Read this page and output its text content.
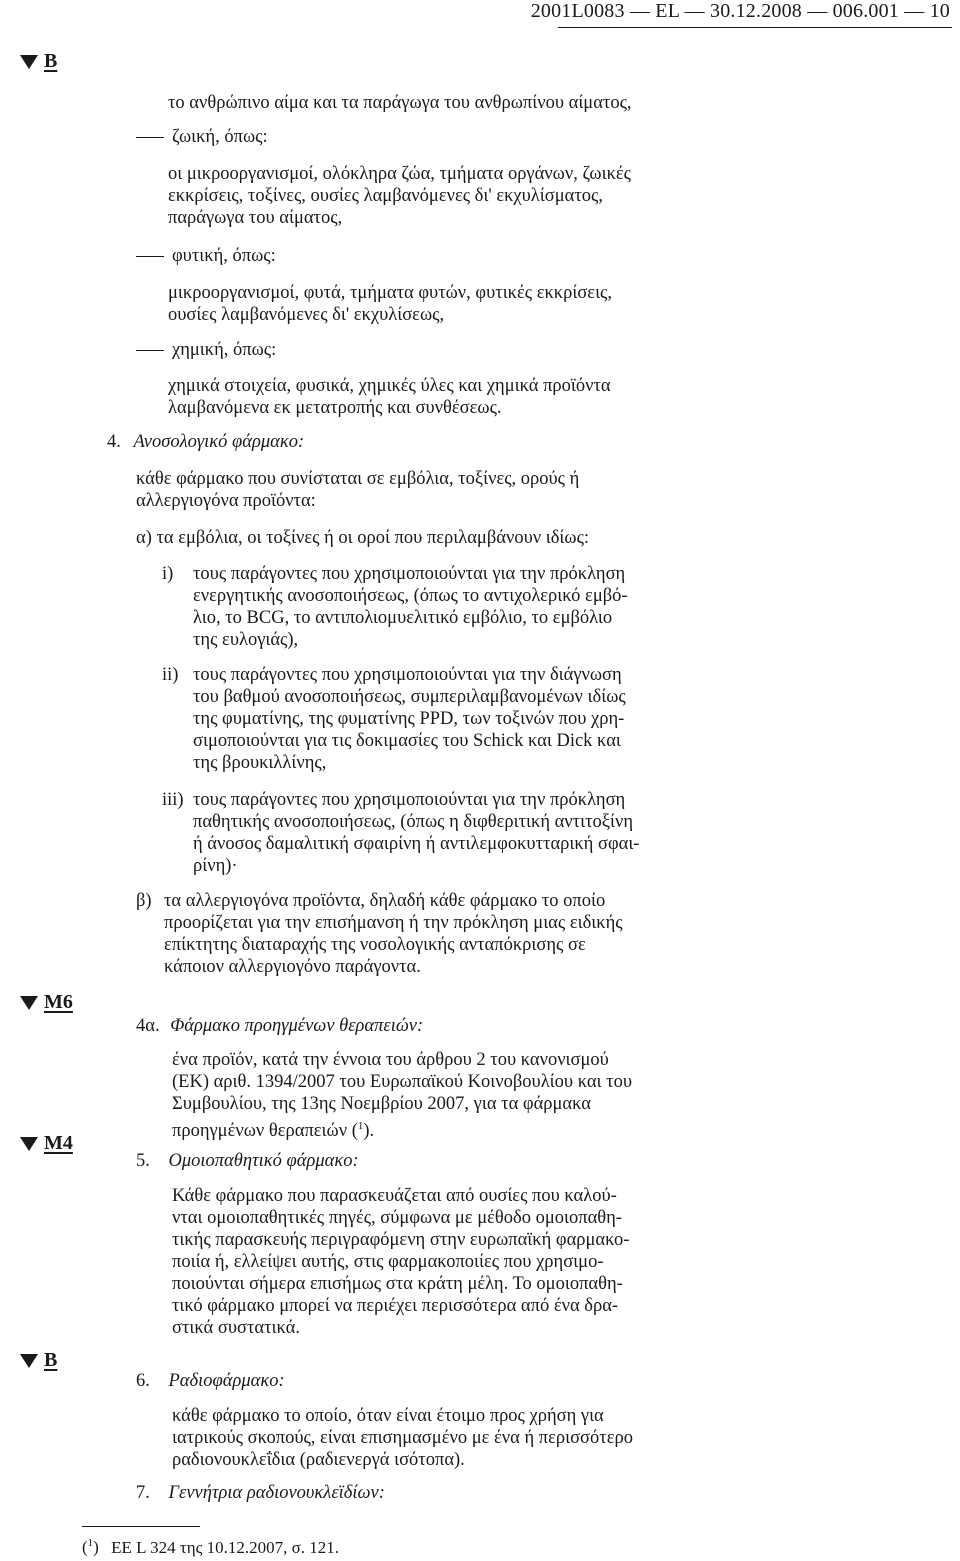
2001L0083 — EL — 30.12.2008 — 006.001 — 10
B
M6
M4
B
το ανθρώπινο αίμα και τα παράγωγα του ανθρωπίνου αίματος,
ζωική, όπως:
οι μικροοργανισμοί, ολόκληρα ζώα, τμήματα οργάνων, ζωικές
εκκρίσεις, τοξίνες, ουσίες λαμβανόμενες δι' εκχυλίσματος,
παράγωγα του αίματος,
φυτική, όπως:
μικροοργανισμοί, φυτά, τμήματα φυτών, φυτικές εκκρίσεις,
ουσίες λαμβανόμενες δι' εκχυλίσεως,
χημική, όπως:
χημικά στοιχεία, φυσικά, χημικές ύλες και χημικά προϊόντα
λαμβανόμενα εκ μετατροπής και συνθέσεως.
4. Ανοσολογικό φάρμακο:
κάθε φάρμακο που συνίσταται σε εμβόλια, τοξίνες, ορούς ή
αλλεργιογόνα προϊόντα:
α) τα εμβόλια, οι τοξίνες ή οι οροί που περιλαμβάνουν ιδίως:
i) τους παράγοντες που χρησιμοποιούνται για την πρόκληση
ενεργητικής ανοσοποιήσεως, (όπως το αντιχολερικό εμβό-
λιο, το BCG, το αντιπολιομυελιτικό εμβόλιο, το εμβόλιο
της ευλογιάς),
ii) τους παράγοντες που χρησιμοποιούνται για την διάγνωση
του βαθμού ανοσοποιήσεως, συμπεριλαμβανομένων ιδίως
της φυματίνης, της φυματίνης PPD, των τοξινών που χρη-
σιμοποιούνται για τις δοκιμασίες του Schick και Dick και
της βρουκιλλίνης,
iii) τους παράγοντες που χρησιμοποιούνται για την πρόκληση
παθητικής ανοσοποιήσεως, (όπως η διφθεριτική αντιτοξίνη
ή άνοσος δαμαλιτική σφαιρίνη ή αντιλεμφοκυτταρική σφαι-
ρίνη)·
β) τα αλλεργιογόνα προϊόντα, δηλαδή κάθε φάρμακο το οποίο
προορίζεται για την επισήμανση ή την πρόκληση μιας ειδικής
επίκτητης διαταραχής της νοσολογικής ανταπόκρισης σε
κάποιον αλλεργιογόνο παράγοντα.
4α. Φάρμακο προηγμένων θεραπειών:
ένα προϊόν, κατά την έννοια του άρθρου 2 του κανονισμού
(ΕΚ) αριθ. 1394/2007 του Ευρωπαϊκού Κοινοβουλίου και του
Συμβουλίου, της 13ης Νοεμβρίου 2007, για τα φάρμακα
προηγμένων θεραπειών ($^1$).
5. Ομοιοπαθητικό φάρμακο:
Κάθε φάρμακο που παρασκευάζεται από ουσίες που καλού-
νται ομοιοπαθητικές πηγές, σύμφωνα με μέθοδο ομοιοπαθη-
τικής παρασκευής περιγραφόμενη στην ευρωπαϊκή φαρμακο-
ποιία ή, ελλείψει αυτής, στις φαρμακοποιίες που χρησιμο-
ποιούνται σήμερα επισήμως στα κράτη μέλη. Το ομοιοπαθη-
τικό φάρμακο μπορεί να περιέχει περισσότερα από ένα δρα-
στικά συστατικά.
6. Ραδιοφάρμακο:
κάθε φάρμακο το οποίο, όταν είναι έτοιμο προς χρήση για
ιατρικούς σκοπούς, είναι επισημασμένο με ένα ή περισσότερο
ραδιονουκλεΐδια (ραδιενεργά ισότοπα).
7. Γεννήτρια ραδιονουκλεϊδίων:
($^1$) ΕΕ L 324 της 10.12.2007, σ. 121.
